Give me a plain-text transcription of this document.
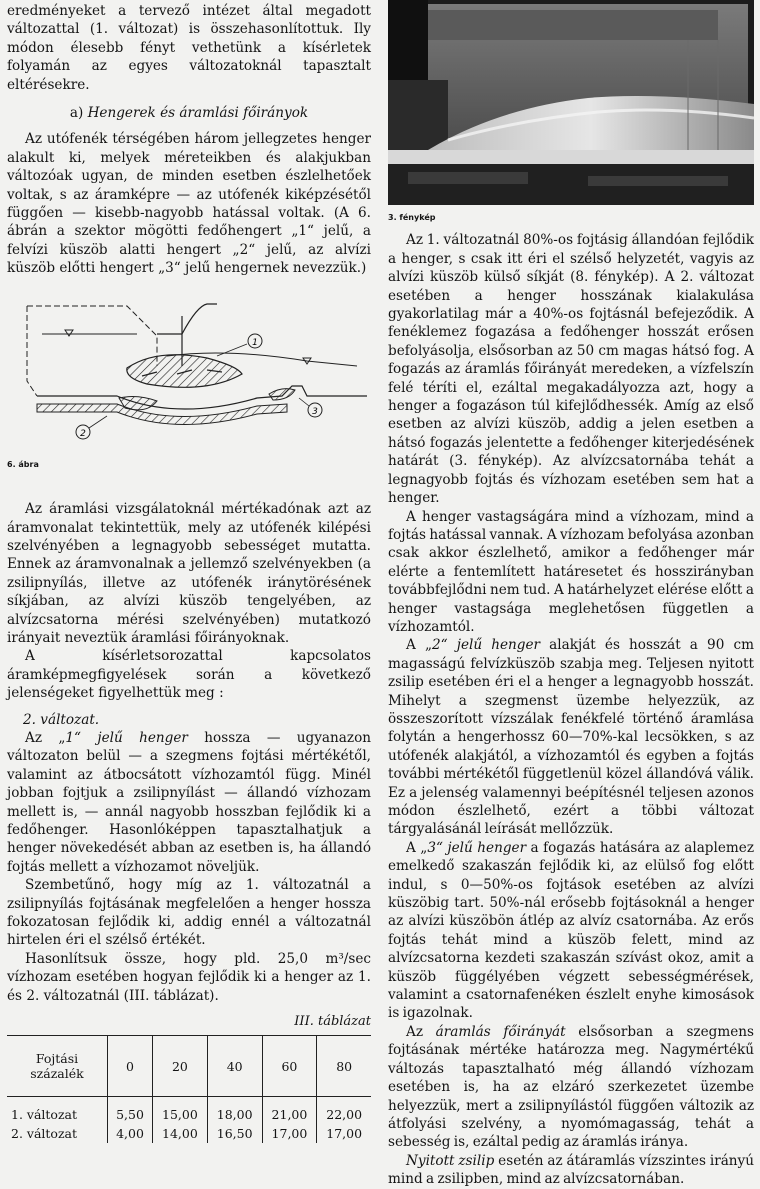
eredményeket a tervező intézet által megadott változattal (1. változat) is összehasonlítottuk. Ily módon élesebb fényt vethetünk a kísérletek folyamán az egyes változatoknál tapasztalt eltérésekre.

a) Hengerek és áramlási főirányok

Az utófenék térségében három jellegzetes henger alakult ki, melyek méreteikben és alakjukban változóak ugyan, de minden esetben észlelhetőek voltak, s az áramképre — az utófenék kiképzésétől függően — kisebb-nagyobb hatással voltak. (A 6. ábrán a szektor mögötti fedőhengert „1“ jelű, a felvízi küszöb alatti hengert „2“ jelű, az alvízi küszöb előtti hengert „3“ jelű hengernek nevezzük.)

1
2
3

6. ábra

Az áramlási vizsgálatoknál mértékadónak azt az áramvonalat tekintettük, mely az utófenék kilépési szelvényében a legnagyobb sebességet mutatta. Ennek az áramvonalnak a jellemző szelvényekben (a zsilipnyílás, illetve az utófenék iránytörésének síkjában, az alvízi küszöb tengelyében, az alvízcsatorna mérési szelvényében) mutatkozó irányait neveztük áramlási főirányoknak.

A kísérletsorozattal kapcsolatos áramképmegfigyelések során a következő jelenségeket figyelhettük meg :

2. változat.

Az „1“ jelű henger hossza — ugyanazon változaton belül — a szegmens fojtási mértékétől, valamint az átbocsátott vízhozamtól függ. Minél jobban fojtjuk a zsilipnyílást — állandó vízhozam mellett is, — annál nagyobb hosszban fejlődik ki a fedőhenger. Hasonlóképpen tapasztalhatjuk a henger növekedését abban az esetben is, ha állandó fojtás mellett a vízhozamot növeljük.

Szembetűnő, hogy míg az 1. változatnál a zsilipnyílás fojtásának megfelelően a henger hossza fokozatosan fejlődik ki, addig ennél a változatnál hirtelen éri el szélső értékét.

Hasonlítsuk össze, hogy pld. 25,0 m³/sec vízhozam esetében hogyan fejlődik ki a henger az 1. és 2. változatnál (III. táblázat).

III. táblázat

Fojtási százalék	0	20	40	60	80
1. változat	5,50	15,00	18,00	21,00	22,00
2. változat	4,00	14,00	16,50	17,00	17,00

3. fénykép

Az 1. változatnál 80%-os fojtásig állandóan fejlődik a henger, s csak itt éri el szélső helyzetét, vagyis az alvízi küszöb külső síkját (8. fénykép). A 2. változat esetében a henger hosszának kialakulása gyakorlatilag már a 40%-os fojtásnál befejeződik. A fenéklemez fogazása a fedőhenger hosszát erősen befolyásolja, elsősorban az 50 cm magas hátsó fog. A fogazás az áramlás főirányát meredeken, a vízfelszín felé téríti el, ezáltal megakadályozza azt, hogy a henger a fogazáson túl kifejlődhessék. Amíg az első esetben az alvízi küszöb, addig a jelen esetben a hátsó fogazás jelentette a fedőhenger kiterjedésének határát (3. fénykép). Az alvízcsatornába tehát a legnagyobb fojtás és vízhozam esetében sem hat a henger.

A henger vastagságára mind a vízhozam, mind a fojtás hatással vannak. A vízhozam befolyása azonban csak akkor észlelhető, amikor a fedőhenger már elérte a fentemlített határesetet és hosszirányban továbbfejlődni nem tud. A határhelyzet elérése előtt a henger vastagsága meglehetősen független a vízhozamtól.

A „2“ jelű henger alakját és hosszát a 90 cm magasságú felvízküszöb szabja meg. Teljesen nyitott zsilip esetében éri el a henger a legnagyobb hosszát. Mihelyt a szegmenst üzembe helyezzük, az összeszorított vízszálak fenékfelé történő áramlása folytán a hengerhossz 60—70%-kal lecsökken, s az utófenék alakjától, a vízhozamtól és egyben a fojtás további mértékétől függetlenül közel állandóvá válik. Ez a jelenség valamennyi beépítésnél teljesen azonos módon észlelhető, ezért a többi változat tárgyalásánál leírását mellőzzük.

A „3“ jelű henger a fogazás hatására az alaplemez emelkedő szakaszán fejlődik ki, az elülső fog előtt indul, s 0—50%-os fojtások esetében az alvízi küszöbig tart. 50%-nál erősebb fojtásoknál a henger az alvízi küszöbön átlép az alvíz csatornába. Az erős fojtás tehát mind a küszöb felett, mind az alvízcsatorna kezdeti szakaszán szívást okoz, amit a küszöb függélyében végzett sebességmérések, valamint a csatornafenéken észlelt enyhe kimosások is igazolnak.

Az áramlás főirányát elsősorban a szegmens fojtásának mértéke határozza meg. Nagymértékű változás tapasztalható még állandó vízhozam esetében is, ha az elzáró szerkezetet üzembe helyezzük, mert a zsilipnyílástól függően változik az átfolyási szelvény, a nyomómagasság, tehát a sebesség is, ezáltal pedig az áramlás iránya.

Nyitott zsilip esetén az átáramlás vízszintes irányú mind a zsilipben, mind az alvízcsatornában.
